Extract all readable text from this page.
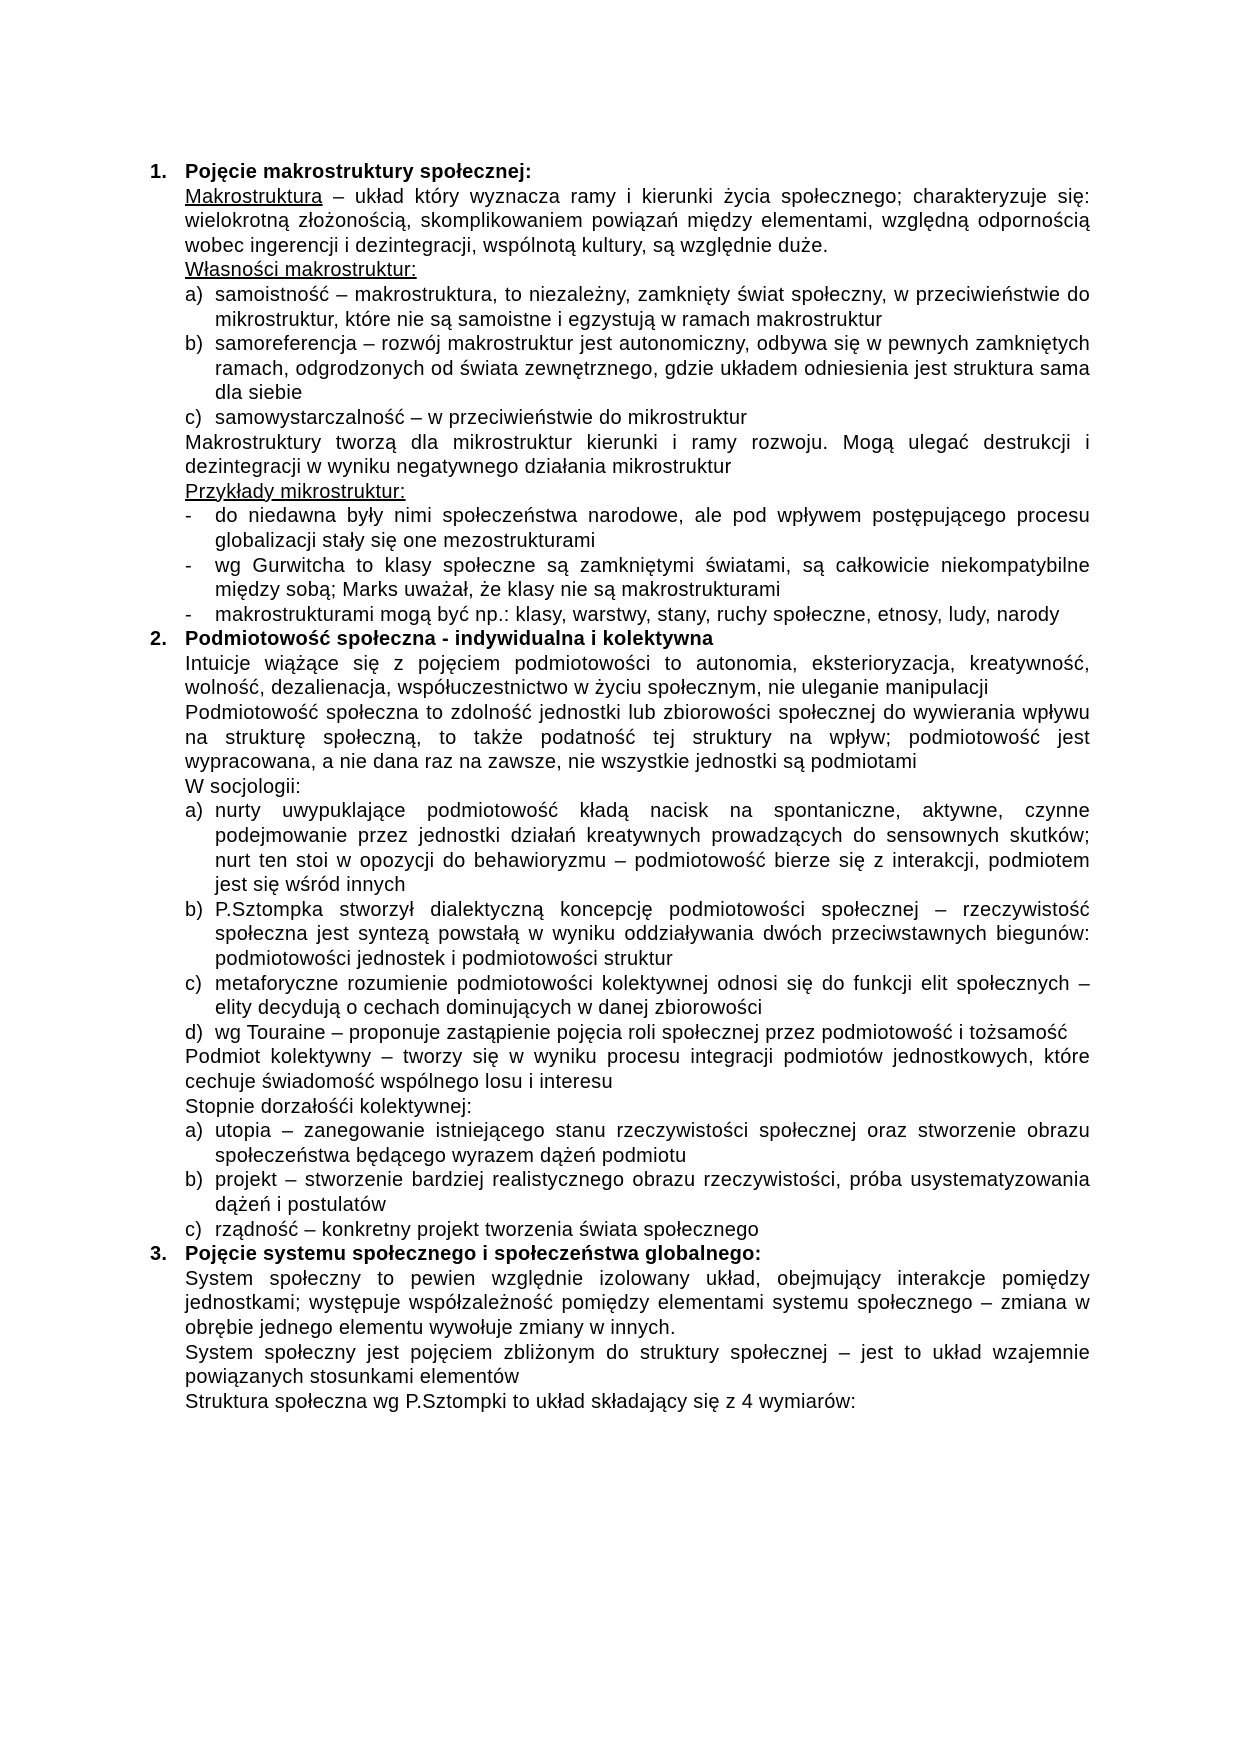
1. Pojęcie makrostruktury społecznej:

Makrostruktura – układ który wyznacza ramy i kierunki życia społecznego; charakteryzuje się: wielokrotną złożonością, skomplikowaniem powiązań między elementami, względną odpornością wobec ingerencji i dezintegracji, wspólnotą kultury, są względnie duże.

Własności makrostruktur:

a) samoistność – makrostruktura, to niezależny, zamknięty świat społeczny, w przeciwieństwie do mikrostruktur, które nie są samoistne i egzystują w ramach makrostruktur

b) samoreferencja – rozwój makrostruktur jest autonomiczny, odbywa się w pewnych zamkniętych ramach, odgrodzonych od świata zewnętrznego, gdzie układem odniesienia jest struktura sama dla siebie

c) samowystarczalność – w przeciwieństwie do mikrostruktur

Makrostruktury tworzą dla mikrostruktur kierunki i ramy rozwoju. Mogą ulegać destrukcji i dezintegracji w wyniku negatywnego działania mikrostruktur

Przykłady mikrostruktur:

-	do niedawna były nimi społeczeństwa narodowe, ale pod wpływem postępującego procesu globalizacji stały się one mezostrukturami

-	wg Gurwitcha to klasy społeczne są zamkniętymi światami, są całkowicie niekompatybilne między sobą; Marks uważał, że klasy nie są makrostrukturami

-	makrostrukturami mogą być np.: klasy, warstwy, stany, ruchy społeczne, etnosy, ludy, narody

2. Podmiotowość społeczna - indywidualna i kolektywna

Intuicje wiążące się z pojęciem podmiotowości to autonomia, eksterioryzacja, kreatywność, wolność, dezalienacja, współuczestnictwo w życiu społecznym, nie uleganie manipulacji

Podmiotowość społeczna to zdolność jednostki lub zbiorowości społecznej do wywierania wpływu na strukturę społeczną, to także podatność tej struktury na wpływ; podmiotowość jest wypracowana, a nie dana raz na zawsze, nie wszystkie jednostki są podmiotami

W socjologii:

a) nurty uwypuklające podmiotowość kładą nacisk na spontaniczne, aktywne, czynne podejmowanie przez jednostki działań kreatywnych prowadzących do sensownych skutków; nurt ten stoi w opozycji do behawioryzmu – podmiotowość bierze się z interakcji, podmiotem jest się wśród innych

b) P.Sztompka stworzył dialektyczną koncepcję podmiotowości społecznej – rzeczywistość społeczna jest syntezą powstałą w wyniku oddziaływania dwóch przeciwstawnych biegunów: podmiotowości jednostek i podmiotowości struktur

c) metaforyczne rozumienie podmiotowości kolektywnej odnosi się do funkcji elit społecznych – elity decydują o cechach dominujących w danej zbiorowości

d) wg Touraine – proponuje zastąpienie pojęcia roli społecznej przez podmiotowość i tożsamość

Podmiot kolektywny – tworzy się w wyniku procesu integracji podmiotów jednostkowych, które cechuje świadomość wspólnego losu i interesu

Stopnie dorzałośći kolektywnej:

a) utopia – zanegowanie istniejącego stanu rzeczywistości społecznej oraz stworzenie obrazu społeczeństwa będącego wyrazem dążeń podmiotu

b) projekt – stworzenie bardziej realistycznego obrazu rzeczywistości, próba usystematyzowania dążeń i postulatów

c) rządność – konkretny projekt tworzenia świata społecznego

3. Pojęcie systemu społecznego i społeczeństwa globalnego:

System społeczny to pewien względnie izolowany układ, obejmujący interakcje pomiędzy jednostkami; występuje współzależność pomiędzy elementami systemu społecznego – zmiana w obrębie jednego elementu wywołuje zmiany w innych.

System społeczny jest pojęciem zbliżonym do struktury społecznej – jest to układ wzajemnie powiązanych stosunkami elementów

Struktura społeczna wg P.Sztompki to układ składający się z 4 wymiarów:
